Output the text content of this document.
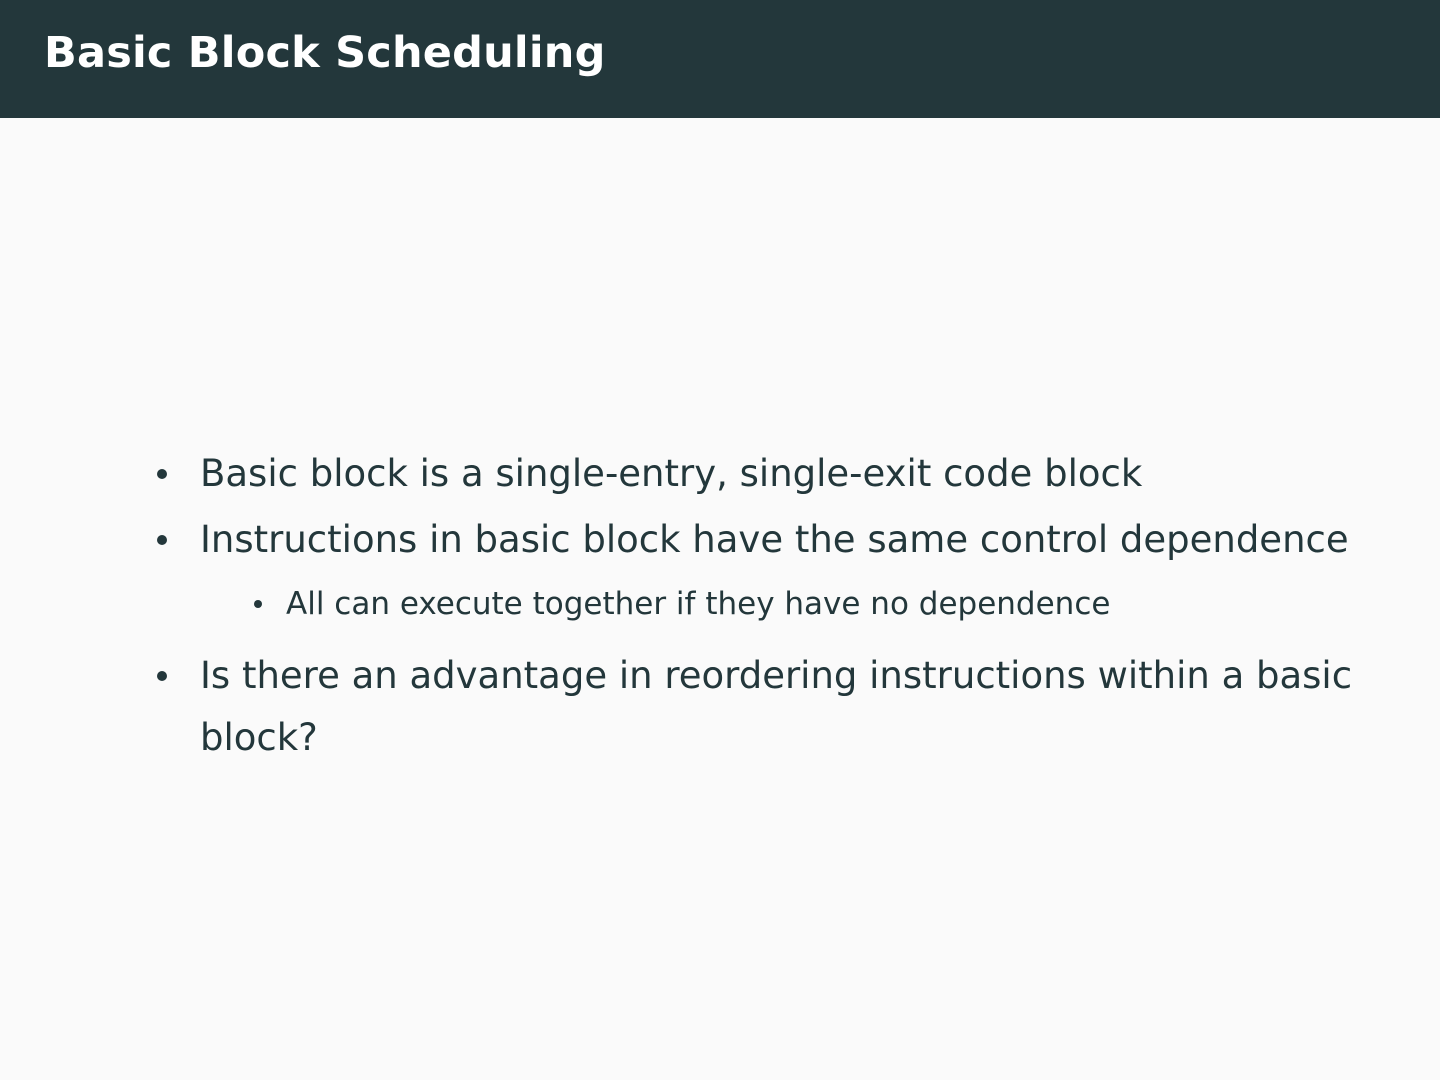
Basic Block Scheduling
Basic block is a single-entry, single-exit code block
Instructions in basic block have the same control dependence
All can execute together if they have no dependence
Is there an advantage in reordering instructions within a basic
block?
